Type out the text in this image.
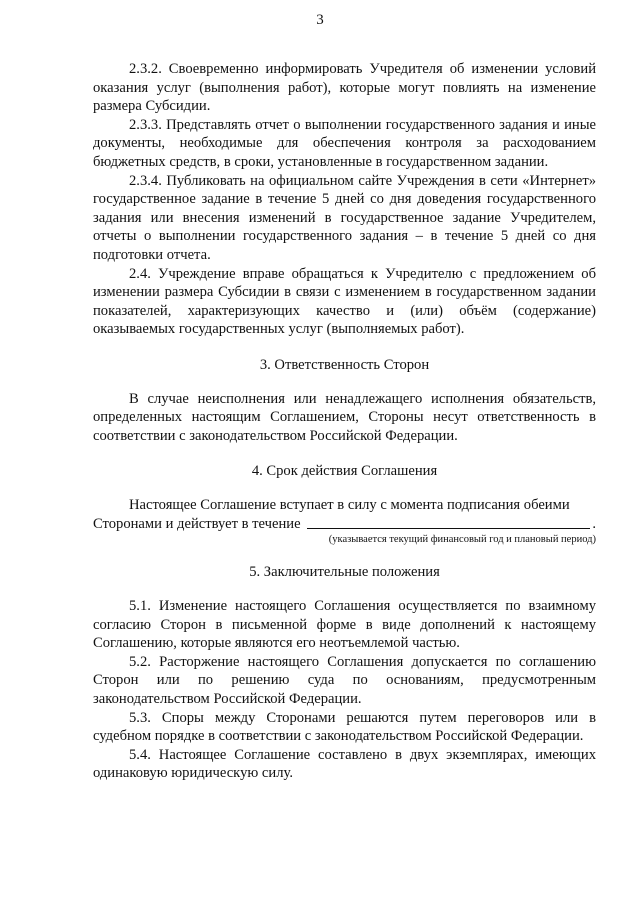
3

2.3.2. Своевременно информировать Учредителя об изменении условий оказания услуг (выполнения работ), которые могут повлиять на изменение размера Субсидии.

2.3.3. Представлять отчет о выполнении государственного задания и иные документы, необходимые для обеспечения контроля за расходованием бюджетных средств, в сроки, установленные в государственном задании.

2.3.4. Публиковать на официальном сайте Учреждения в сети «Интернет» государственное задание в течение 5 дней со дня доведения государственного задания или внесения изменений в государственное задание Учредителем, отчеты о выполнении государственного задания – в течение 5 дней со дня подготовки отчета.

2.4. Учреждение вправе обращаться к Учредителю с предложением об изменении размера Субсидии в связи с изменением в государственном задании показателей, характеризующих качество и (или) объём (содержание) оказываемых государственных услуг (выполняемых работ).

3. Ответственность Сторон

В случае неисполнения или ненадлежащего исполнения обязательств, определенных настоящим Соглашением, Стороны несут ответственность в соответствии с законодательством Российской Федерации.

4. Срок действия Соглашения

Настоящее Соглашение вступает в силу с момента подписания обеими

Сторонами и действует в течение	.

(указывается текущий финансовый год и плановый период)

5. Заключительные положения

5.1. Изменение настоящего Соглашения осуществляется по взаимному согласию Сторон в письменной форме в виде дополнений к настоящему Соглашению, которые являются его неотъемлемой частью.

5.2. Расторжение настоящего Соглашения допускается по соглашению Сторон или по решению суда по основаниям, предусмотренным законодательством Российской Федерации.

5.3. Споры между Сторонами решаются путем переговоров или в судебном порядке в соответствии с законодательством Российской Федерации.

5.4. Настоящее Соглашение составлено в двух экземплярах, имеющих одинаковую юридическую силу.
